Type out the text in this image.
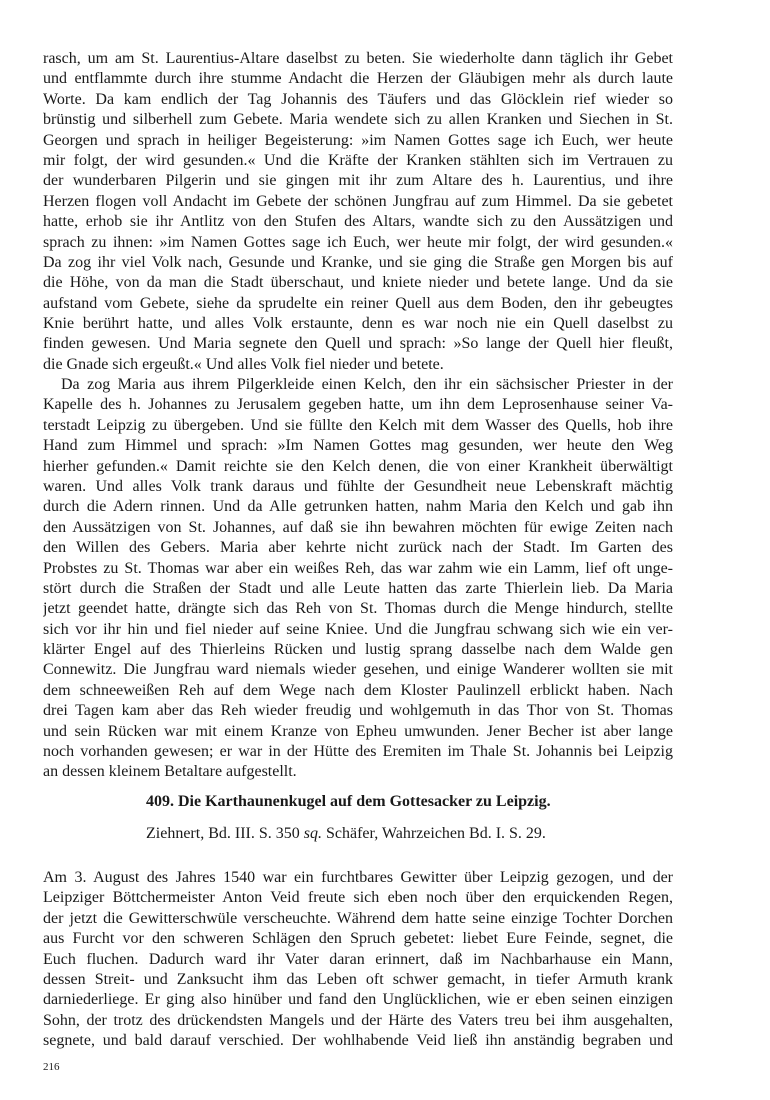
rasch, um am St. Laurentius-Altare daselbst zu beten. Sie wiederholte dann täglich ihr Gebet
und entflammte durch ihre stumme Andacht die Herzen der Gläubigen mehr als durch laute
Worte. Da kam endlich der Tag Johannis des Täufers und das Glöcklein rief wieder so
brünstig und silberhell zum Gebete. Maria wendete sich zu allen Kranken und Siechen in St.
Georgen und sprach in heiliger Begeisterung: »im Namen Gottes sage ich Euch, wer heute
mir folgt, der wird gesunden.« Und die Kräfte der Kranken stählten sich im Vertrauen zu
der wunderbaren Pilgerin und sie gingen mit ihr zum Altare des h. Laurentius, und ihre
Herzen flogen voll Andacht im Gebete der schönen Jungfrau auf zum Himmel. Da sie gebetet
hatte, erhob sie ihr Antlitz von den Stufen des Altars, wandte sich zu den Aussätzigen und
sprach zu ihnen: »im Namen Gottes sage ich Euch, wer heute mir folgt, der wird gesunden.«
Da zog ihr viel Volk nach, Gesunde und Kranke, und sie ging die Straße gen Morgen bis auf
die Höhe, von da man die Stadt überschaut, und kniete nieder und betete lange. Und da sie
aufstand vom Gebete, siehe da sprudelte ein reiner Quell aus dem Boden, den ihr gebeugtes
Knie berührt hatte, und alles Volk erstaunte, denn es war noch nie ein Quell daselbst zu
finden gewesen. Und Maria segnete den Quell und sprach: »So lange der Quell hier fleußt,
die Gnade sich ergeußt.« Und alles Volk fiel nieder und betete.
Da zog Maria aus ihrem Pilgerkleide einen Kelch, den ihr ein sächsischer Priester in der
Kapelle des h. Johannes zu Jerusalem gegeben hatte, um ihn dem Leprosenhause seiner Va-
terstadt Leipzig zu übergeben. Und sie füllte den Kelch mit dem Wasser des Quells, hob ihre
Hand zum Himmel und sprach: »Im Namen Gottes mag gesunden, wer heute den Weg
hierher gefunden.« Damit reichte sie den Kelch denen, die von einer Krankheit überwältigt
waren. Und alles Volk trank daraus und fühlte der Gesundheit neue Lebenskraft mächtig
durch die Adern rinnen. Und da Alle getrunken hatten, nahm Maria den Kelch und gab ihn
den Aussätzigen von St. Johannes, auf daß sie ihn bewahren möchten für ewige Zeiten nach
den Willen des Gebers. Maria aber kehrte nicht zurück nach der Stadt. Im Garten des
Probstes zu St. Thomas war aber ein weißes Reh, das war zahm wie ein Lamm, lief oft unge-
stört durch die Straßen der Stadt und alle Leute hatten das zarte Thierlein lieb. Da Maria
jetzt geendet hatte, drängte sich das Reh von St. Thomas durch die Menge hindurch, stellte
sich vor ihr hin und fiel nieder auf seine Kniee. Und die Jungfrau schwang sich wie ein ver-
klärter Engel auf des Thierleins Rücken und lustig sprang dasselbe nach dem Walde gen
Connewitz. Die Jungfrau ward niemals wieder gesehen, und einige Wanderer wollten sie mit
dem schneeweißen Reh auf dem Wege nach dem Kloster Paulinzell erblickt haben. Nach
drei Tagen kam aber das Reh wieder freudig und wohlgemuth in das Thor von St. Thomas
und sein Rücken war mit einem Kranze von Epheu umwunden. Jener Becher ist aber lange
noch vorhanden gewesen; er war in der Hütte des Eremiten im Thale St. Johannis bei Leipzig
an dessen kleinem Betaltare aufgestellt.
409. Die Karthaunenkugel auf dem Gottesacker zu Leipzig.
Ziehnert, Bd. III. S. 350 sq. Schäfer, Wahrzeichen Bd. I. S. 29.
Am 3. August des Jahres 1540 war ein furchtbares Gewitter über Leipzig gezogen, und der
Leipziger Böttchermeister Anton Veid freute sich eben noch über den erquickenden Regen,
der jetzt die Gewitterschwüle verscheuchte. Während dem hatte seine einzige Tochter Dorchen
aus Furcht vor den schweren Schlägen den Spruch gebetet: liebet Eure Feinde, segnet, die
Euch fluchen. Dadurch ward ihr Vater daran erinnert, daß im Nachbarhause ein Mann,
dessen Streit- und Zanksucht ihm das Leben oft schwer gemacht, in tiefer Armuth krank
darniederliege. Er ging also hinüber und fand den Unglücklichen, wie er eben seinen einzigen
Sohn, der trotz des drückendsten Mangels und der Härte des Vaters treu bei ihm ausgehalten,
segnete, und bald darauf verschied. Der wohlhabende Veid ließ ihn anständig begraben und
216
